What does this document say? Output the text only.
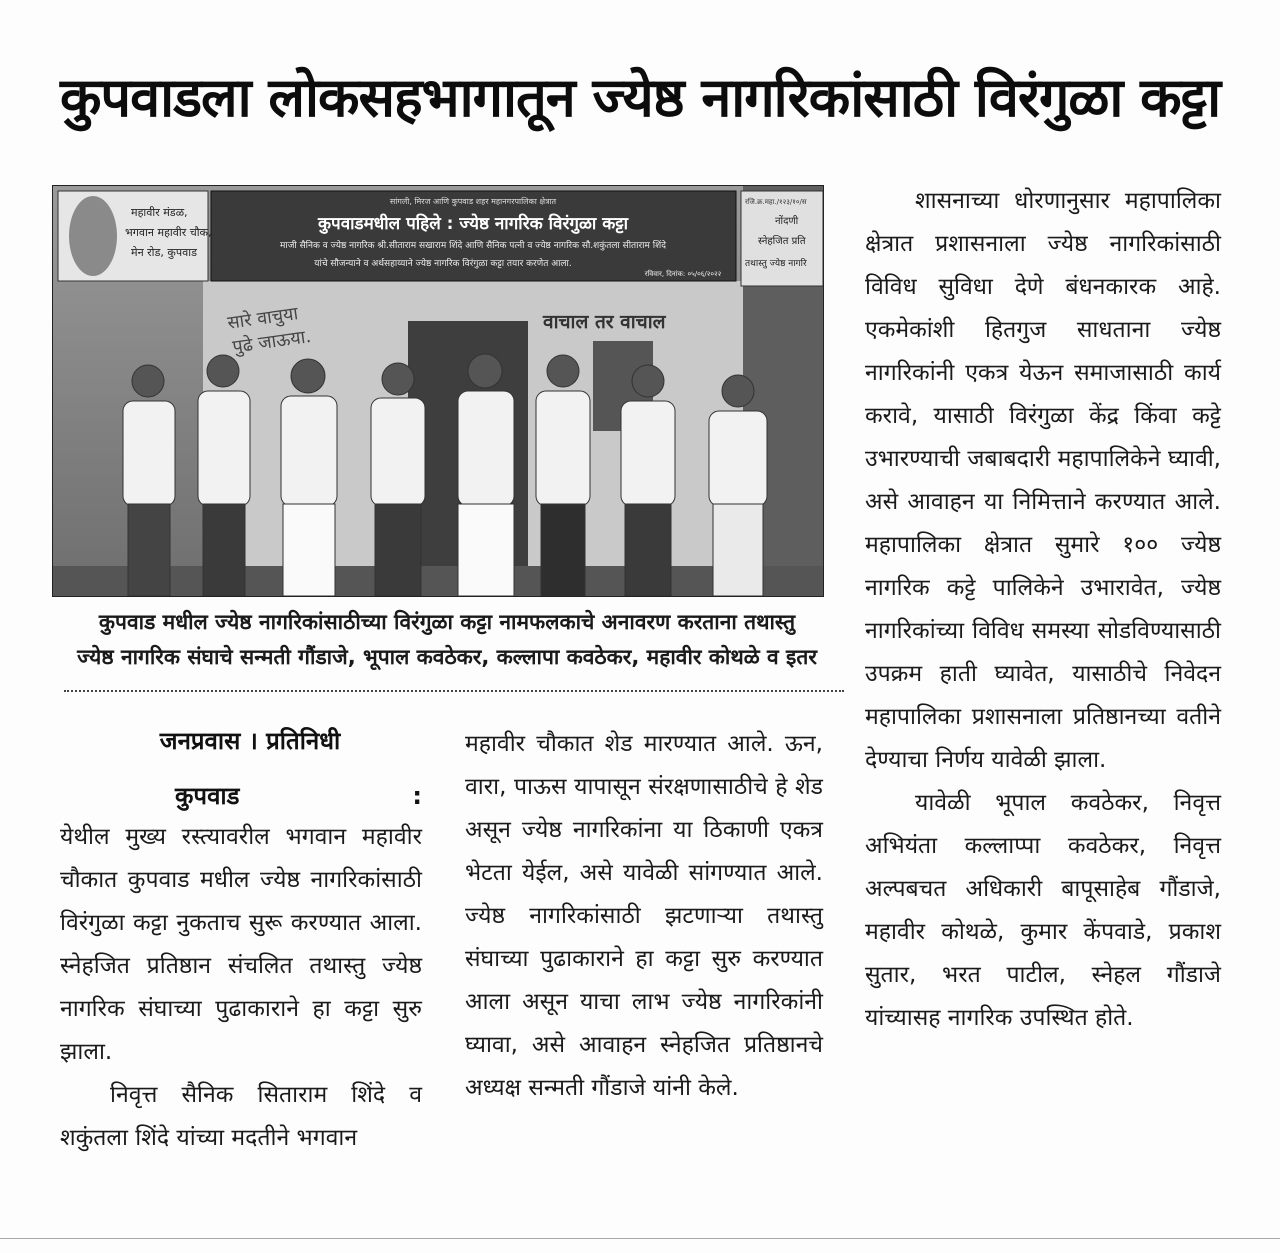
कुपवाडला लोकसहभागातून ज्येष्ठ नागरिकांसाठी विरंगुळा कट्टा
महावीर मंडळ,
भगवान महावीर चौक,
मेन रोड, कुपवाड
सांगली, मिरज आणि कुपवाड शहर महानगरपालिका क्षेत्रात
कुपवाडमधील पहिले : ज्येष्ठ नागरिक विरंगुळा कट्टा
माजी सैनिक व ज्येष्ठ नागरिक श्री.सीताराम सखाराम शिंदे आणि सैनिक पत्नी व ज्येष्ठ नागरिक सौ.शकुंतला सीताराम शिंदे
यांचे सौजन्याने व अर्थसहाय्याने ज्येष्ठ नागरिक विरंगुळा कट्टा तयार करणेत आला.
रविवार, दिनांक: ०५/०६/२०२२
रजि.क्र.महा./१२३/१०/स
नोंदणी
स्नेहजित प्रति
तथास्तु ज्येष्ठ नागरि
सारे वाचुया
पुढे जाऊया.
वाचाल तर वाचाल
कुपवाड मधील ज्येष्ठ नागरिकांसाठीच्या विरंगुळा कट्टा नामफलकाचे अनावरण करताना तथास्तु
ज्येष्ठ नागरिक संघाचे सन्मती गौंडाजे, भूपाल कवठेकर, कल्लापा कवठेकर, महावीर कोथळे व इतर
जनप्रवास । प्रतिनिधी
कुपवाड	:

येथील मुख्य रस्त्यावरील भगवान महावीर चौकात कुपवाड मधील ज्येष्ठ नागरिकांसाठी विरंगुळा कट्टा नुकताच सुरू करण्यात आला. स्नेहजित प्रतिष्ठान संचलित तथास्तु ज्येष्ठ नागरिक संघाच्या पुढाकाराने हा कट्टा सुरु झाला.

निवृत्त सैनिक सिताराम शिंदे व शकुंतला शिंदे यांच्या मदतीने भगवान

महावीर चौकात शेड मारण्यात आले. ऊन, वारा, पाऊस यापासून संरक्षणासाठीचे हे शेड असून ज्येष्ठ नागरिकांना या ठिकाणी एकत्र भेटता येईल, असे यावेळी सांगण्यात आले. ज्येष्ठ नागरिकांसाठी झटणाऱ्या तथास्तु संघाच्या पुढाकाराने हा कट्टा सुरु करण्यात आला असून याचा लाभ ज्येष्ठ नागरिकांनी घ्यावा, असे आवाहन स्नेहजित प्रतिष्ठानचे अध्यक्ष सन्मती गौंडाजे यांनी केले.

शासनाच्या धोरणानुसार महापालिका क्षेत्रात प्रशासनाला ज्येष्ठ नागरिकांसाठी विविध सुविधा देणे बंधनकारक आहे. एकमेकांशी हितगुज साधताना ज्येष्ठ नागरिकांनी एकत्र येऊन समाजासाठी कार्य करावे, यासाठी विरंगुळा केंद्र किंवा कट्टे उभारण्याची जबाबदारी महापालिकेने घ्यावी, असे आवाहन या निमित्ताने करण्यात आले. महापालिका क्षेत्रात सुमारे १०० ज्येष्ठ नागरिक कट्टे पालिकेने उभारावेत, ज्येष्ठ नागरिकांच्या विविध समस्या सोडविण्यासाठी उपक्रम हाती घ्यावेत, यासाठीचे निवेदन महापालिका प्रशासनाला प्रतिष्ठानच्या वतीने देण्याचा निर्णय यावेळी झाला.

यावेळी भूपाल कवठेकर, निवृत्त अभियंता कल्लाप्पा कवठेकर, निवृत्त अल्पबचत अधिकारी बापूसाहेब गौंडाजे, महावीर कोथळे, कुमार केंपवाडे, प्रकाश सुतार, भरत पाटील, स्नेहल गौंडाजे यांच्यासह नागरिक उपस्थित होते.
